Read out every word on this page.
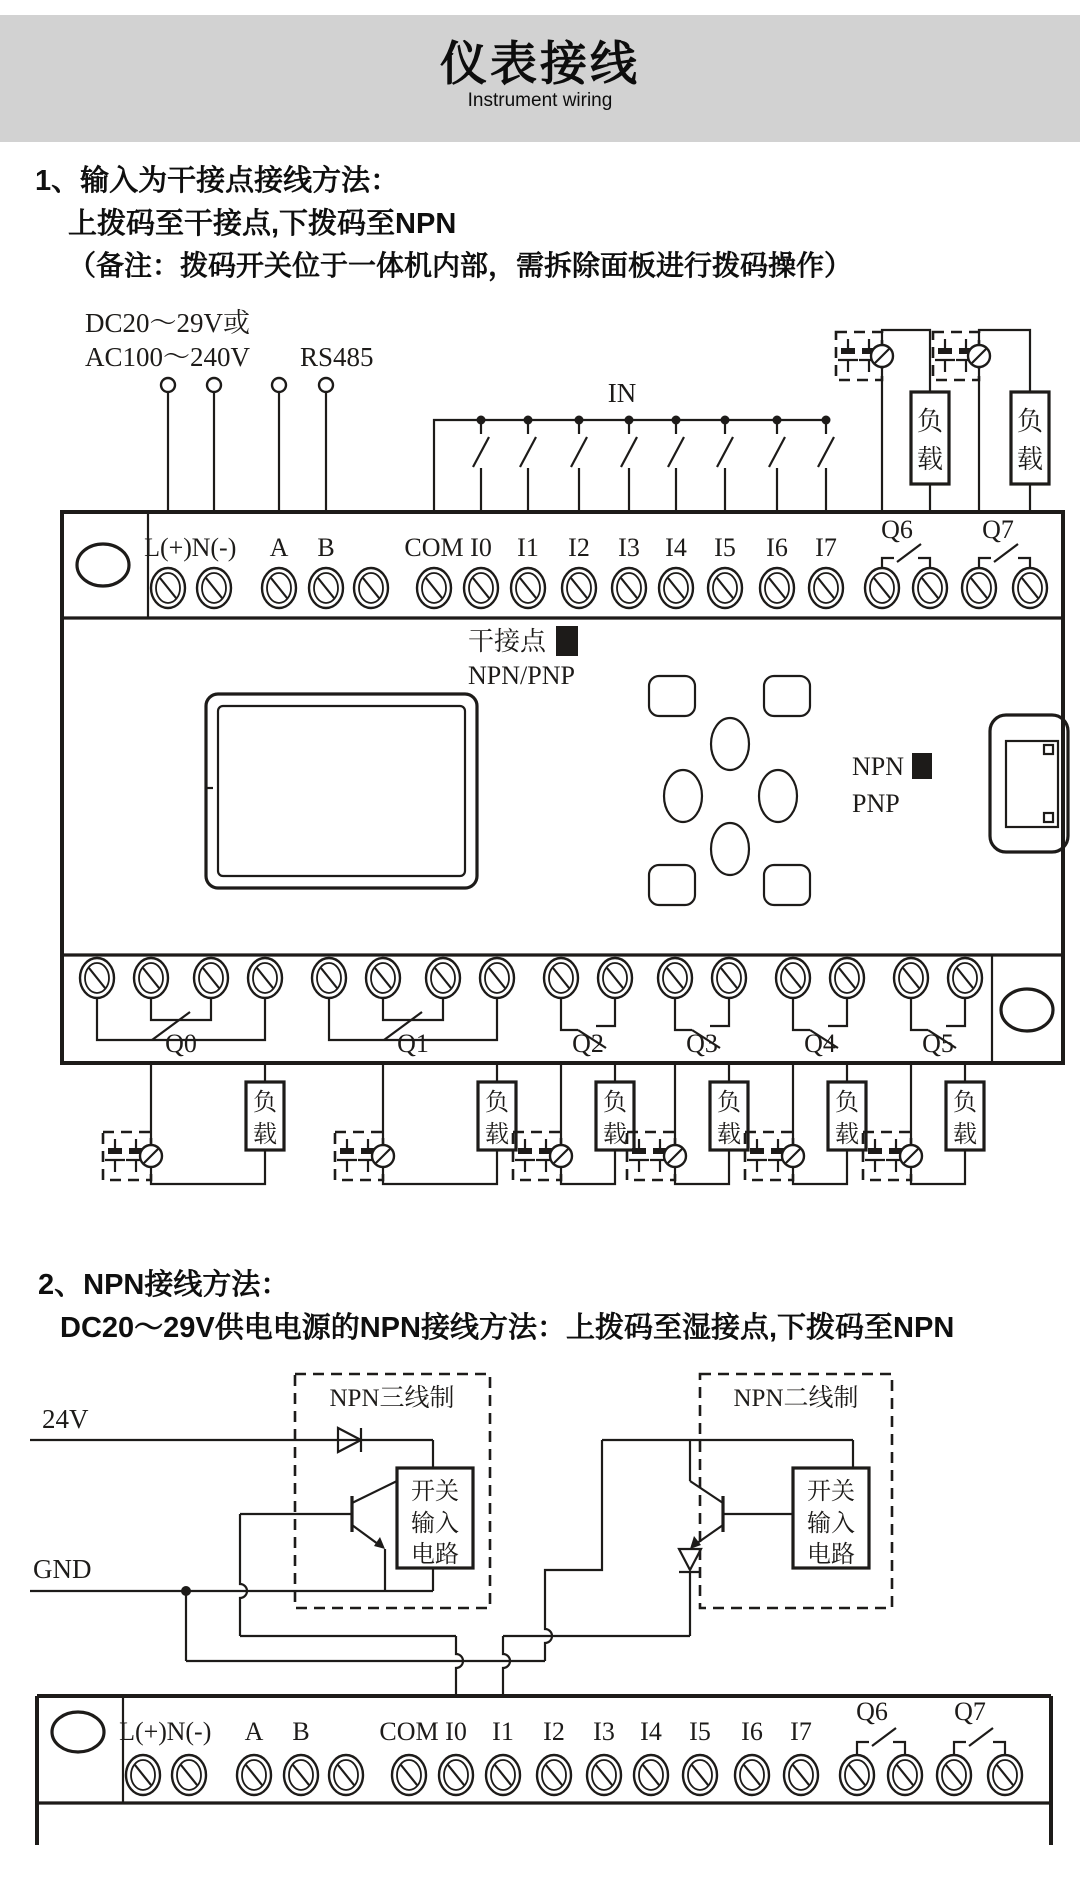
仪表接线
Instrument wiring
1、输入为干接点接线方法：
上拨码至干接点,下拨码至NPN
（备注：拨码开关位于一体机内部，需拆除面板进行拨码操作）
2、NPN接线方法：
DC20～29V供电电源的NPN接线方法：上拨码至湿接点,下拨码至NPN
DC20～29V或
AC100～240V RS485
IN
负
载
负
载
L(+) N(-) A B	COM I0 I1 I2 I3 I4 I5 I6 I7
Q6	Q7
干接点
NPN/PNP
NPN
PNP
Q0	Q1	Q2	Q3	Q4	Q5
负
载
负
载
负
载
负
载
负
载
负
载
24V
GND
NPN三线制
开关
输入
电路
NPN二线制
开关
输入
电路
L(+) N(-) A B	COM I0 I1 I2 I3 I4 I5 I6 I7
Q6	Q7
